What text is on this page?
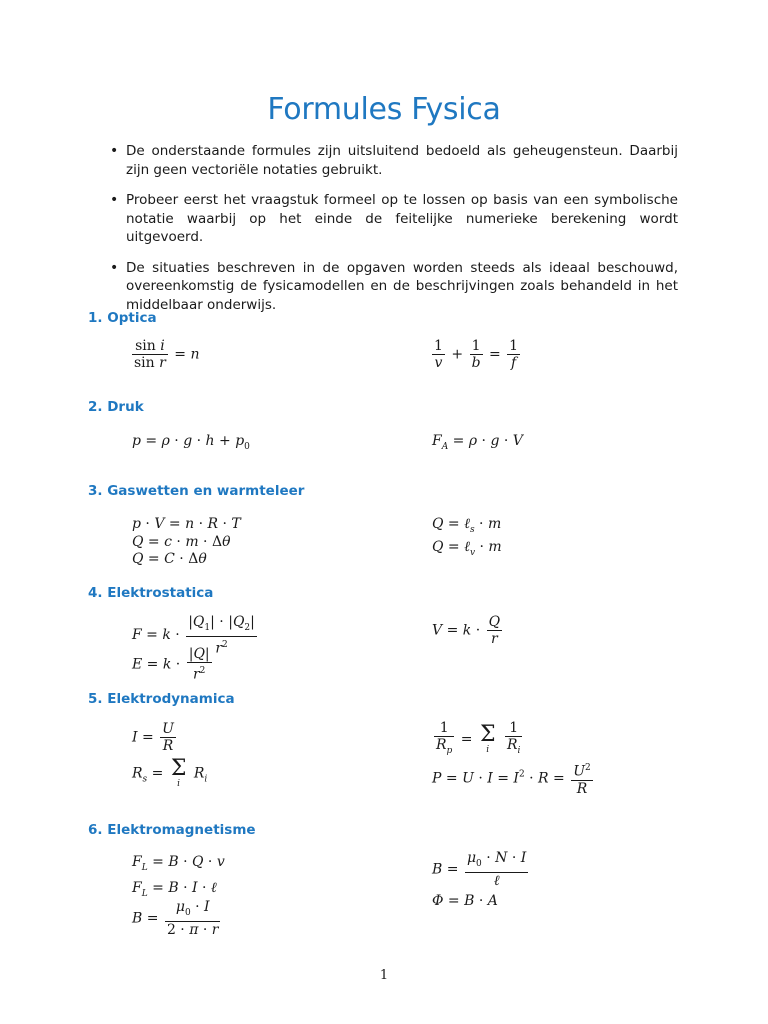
Formules Fysica
• De onderstaande formules zijn uitsluitend bedoeld als geheugensteun. Daarbij zijn geen vectoriële notaties gebruikt.
• Probeer eerst het vraagstuk formeel op te lossen op basis van een symbolische notatie waarbij op het einde de feitelijke numerieke berekening wordt uitgevoerd.
• De situaties beschreven in de opgaven worden steeds als ideaal beschouwd, overeenkomstig de fysicamodellen en de beschrijvingen zoals behandeld in het middelbaar onderwijs.
1. Optica
$\frac{\text{sin i}}{\text{sin r}} = n$	$\frac{1}{v} + \frac{1}{b} = \frac{1}{f}$
2. Druk
$p = \rho \cdot g \cdot h + p_0$	$F_A = \rho \cdot g \cdot V$
3. Gaswetten en warmteleer
p · V = n · R · T
Q = c · m · Δθ
Q = C · Δθ
Q = ℓ$_s$ · m
Q = ℓ$_v$ · m
4. Elektrostatica
$F = k \cdot \frac{|Q_1| \cdot |Q_2|}{r^2}$
$E = k \cdot \frac{|Q|}{r^2}$
$V = k \cdot \frac{Q}{r}$
5. Elektrodynamica
$I = \frac{U}{R}$
$R_s = \Sigma$
i
$R_i$
$\frac{1}{R_p} = \Sigma$
i
	$\frac{1}{R_i}$
$P = U \cdot I = I^2 \cdot R = \frac{U^2}{R}$
6. Elektromagnetisme
$F_L = B \cdot Q \cdot v$
$F_L = B \cdot I$ · ℓ
$B = \frac{\mu_0 \cdot I}{2 \cdot \pi \cdot r}$
$B = \frac{\mu_0 \cdot N \cdot I}{\text{ℓ}}$
Φ = B · A
1
